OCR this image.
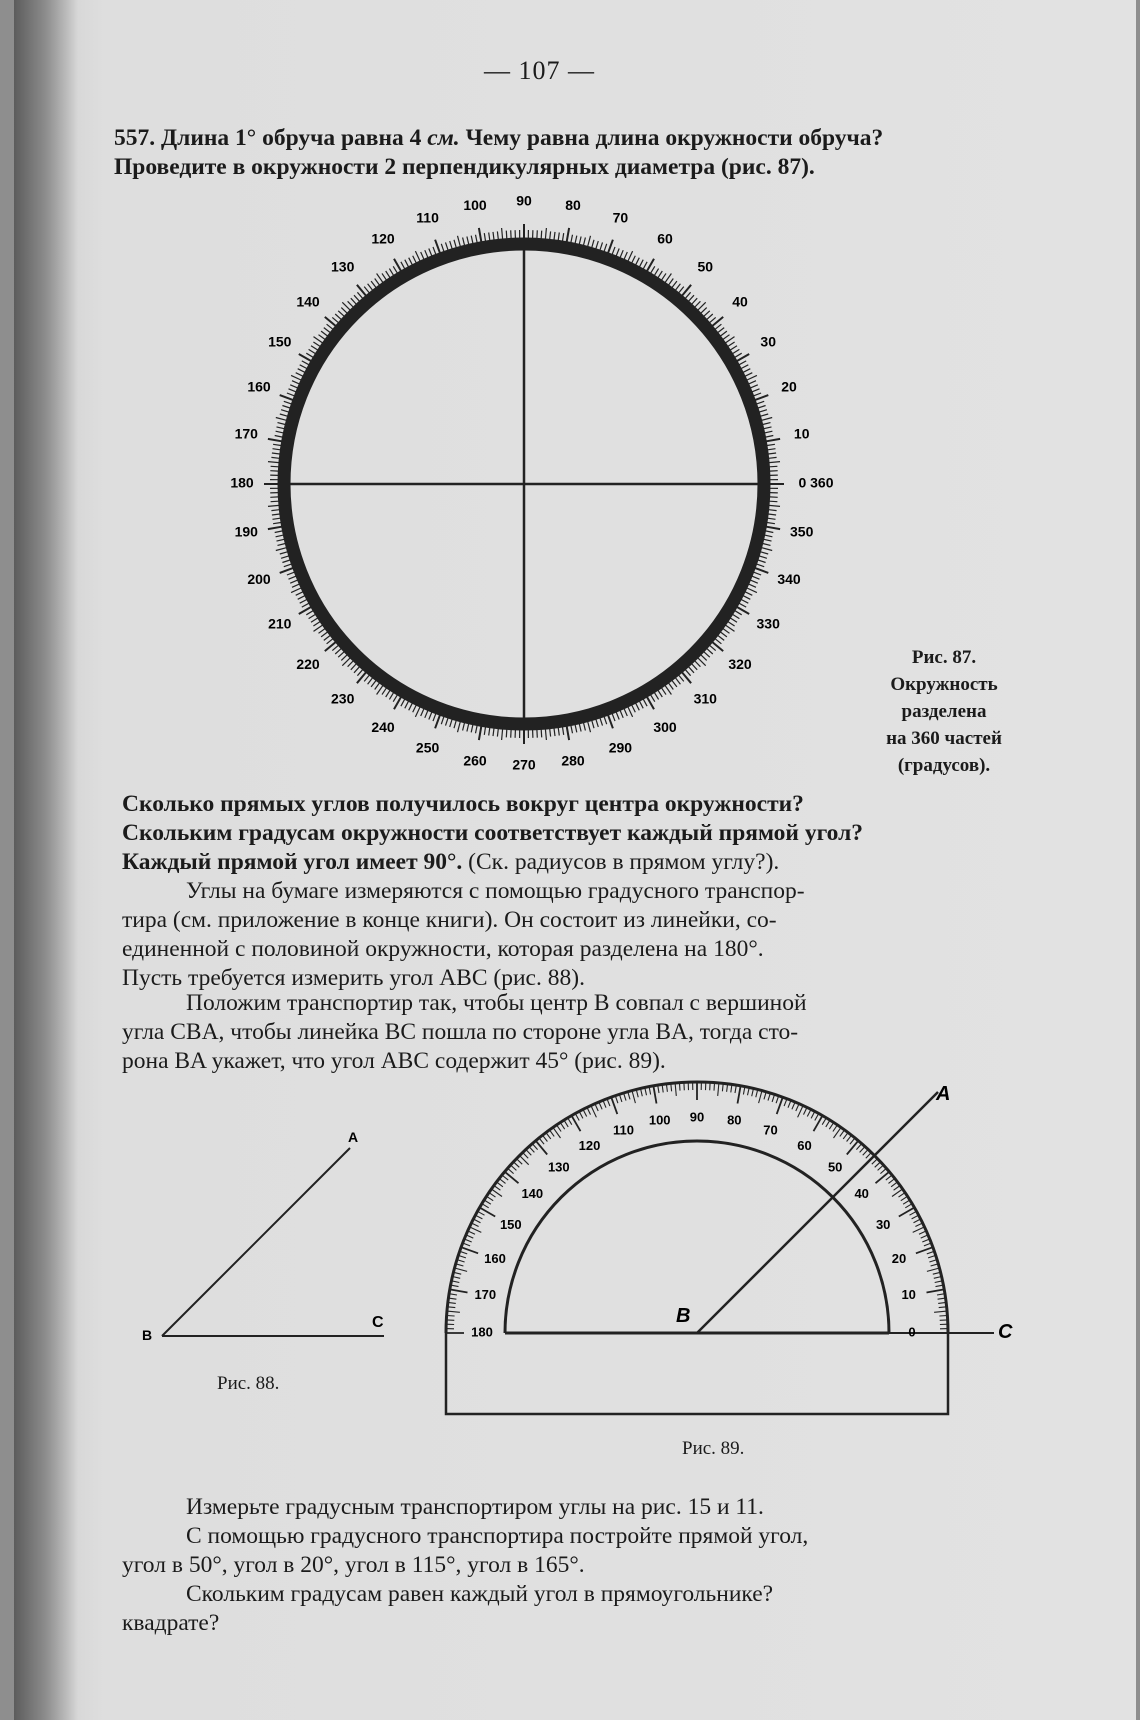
— 107 —

557. Длина 1° обруча равна 4 см. Чему равна длина окружности обруча?
Проведите в окружности 2 перпендикулярных диаметра (рис. 87).

Рис. 87.
Окружность
разделена
на 360 частей
(градусов).

Сколько прямых углов получилось вокруг центра окружности?
Скольким градусам окружности соответствует каждый прямой угол?
Каждый прямой угол имеет 90°. (Ск. радиусов в прямом углу?).

Углы на бумаге измеряются с помощью градусного транспор-
тира (см. приложение в конце книги). Он состоит из линейки, со-
единенной с половиной окружности, которая разделена на 180°.
Пусть требуется измерить угол ABC (рис. 88).

Положим транспортир так, чтобы центр B совпал с вершиной
угла CBA, чтобы линейка BC пошла по стороне угла BA, тогда сто-
рона BA укажет, что угол ABC содержит 45° (рис. 89).

Измерьте градусным транспортиром углы на рис. 15 и 11.
С помощью градусного транспортира постройте прямой угол,
угол в 50°, угол в 20°, угол в 115°, угол в 165°.
Скольким градусам равен каждый угол в прямоугольнике?
квадрате?

Рис. 88.
Рис. 89.
0 360
10
20
30
40
50
60
70
80
90
100
110
120
130
140
150
160
170
180
190
200
210
220
230
240
250
260 270 280
290
300
310
320
330
340
350
A
B
C
0
10
20
30
40
50
60
70
80
90
100
110
120
130
140
150
160
170
180
A
B
C
